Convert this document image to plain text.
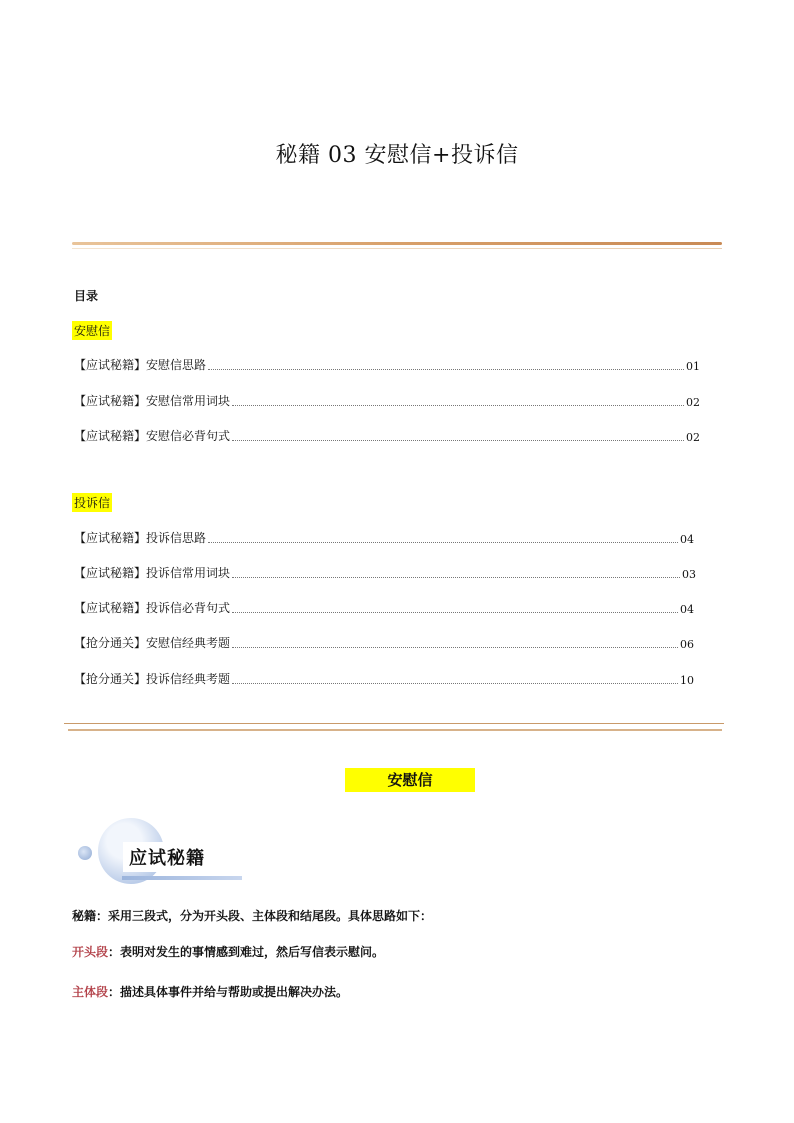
秘籍 03 安慰信+投诉信
目录
安慰信
【应试秘籍】安慰信思路	01
【应试秘籍】安慰信常用词块	02
【应试秘籍】安慰信必背句式	02
投诉信
【应试秘籍】投诉信思路	04
【应试秘籍】投诉信常用词块	03
【应试秘籍】投诉信必背句式	04
【抢分通关】安慰信经典考题	06
【抢分通关】投诉信经典考题	10
安慰信
应试秘籍
秘籍：采用三段式，分为开头段、主体段和结尾段。具体思路如下：
开头段：表明对发生的事情感到难过，然后写信表示慰问。
主体段：描述具体事件并给与帮助或提出解决办法。
